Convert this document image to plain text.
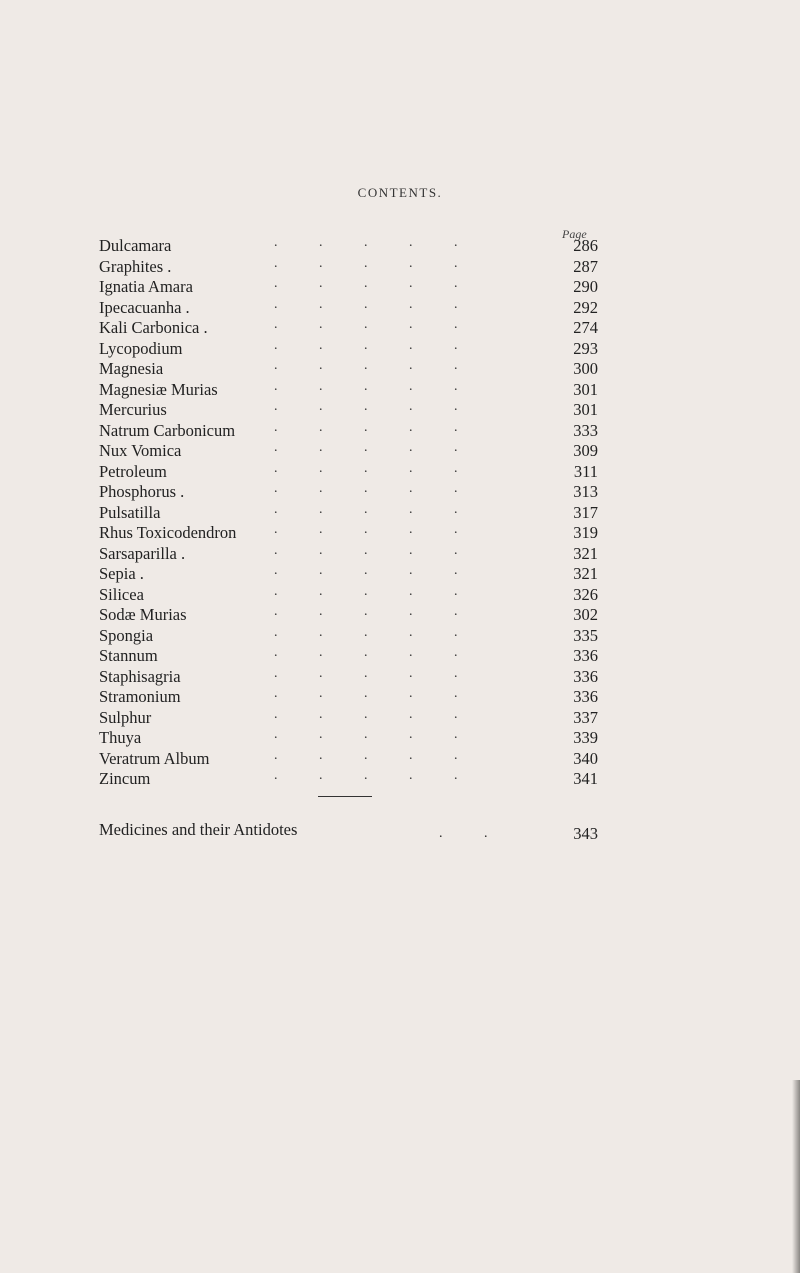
CONTENTS.
Page
Dulcamara	. . . . .	286
Graphites .	. . . . .	287
Ignatia Amara	. . . . .	290
Ipecacuanha .	. . . . .	292
Kali Carbonica .	. . . . .	274
Lycopodium	. . . . .	293
Magnesia	. . . . .	300
Magnesiæ Murias	. . . . .	301
Mercurius	. . . . .	301
Natrum Carbonicum	. . . . .	333
Nux Vomica	. . . . .	309
Petroleum	. . . . .	311
Phosphorus .	. . . . .	313
Pulsatilla	. . . . .	317
Rhus Toxicodendron	. . . . .	319
Sarsaparilla .	. . . . .	321
Sepia .	. . . . .	321
Silicea	. . . . .	326
Sodæ Murias	. . . . .	302
Spongia	. . . . .	335
Stannum	. . . . .	336
Staphisagria	. . . . .	336
Stramonium	. . . . .	336
Sulphur	. . . . .	337
Thuya	. . . . .	339
Veratrum Album	. . . . .	340
Zincum	. . . . .	341
Medicines and their Antidotes	. .	343
